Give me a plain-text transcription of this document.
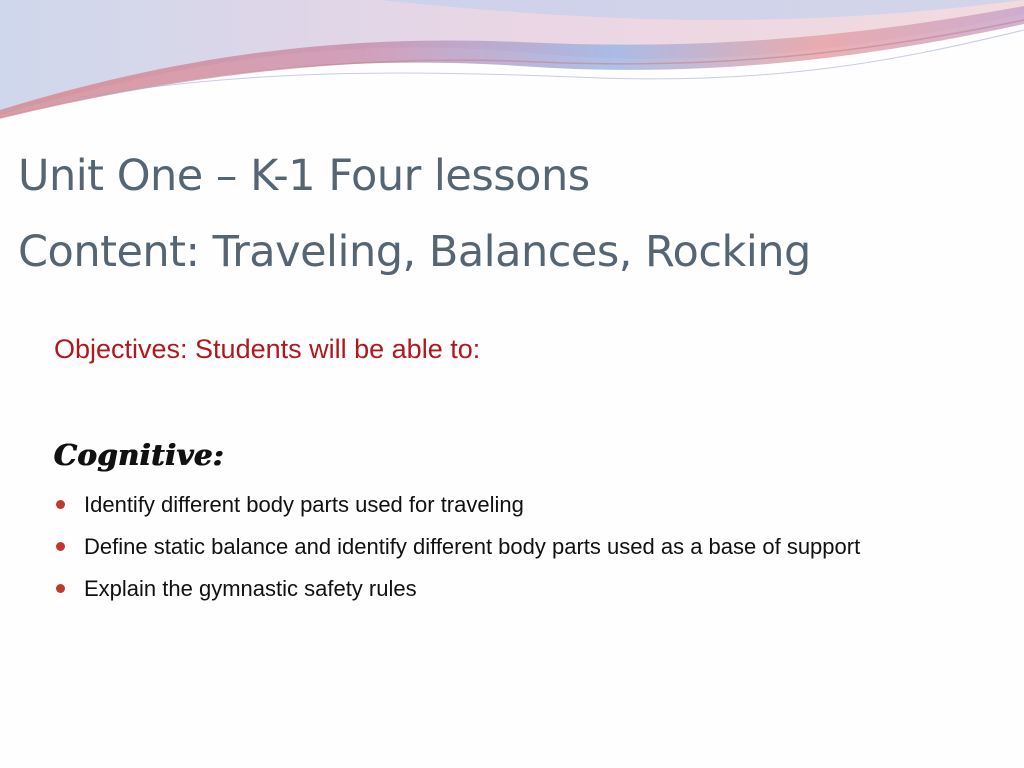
Unit One – K-1 Four lessons
Content: Traveling, Balances, Rocking

Objectives: Students will be able to:

Cognitive:

Identify different body parts used for traveling
Define static balance and identify different body parts used as a base of support
Explain the gymnastic safety rules
